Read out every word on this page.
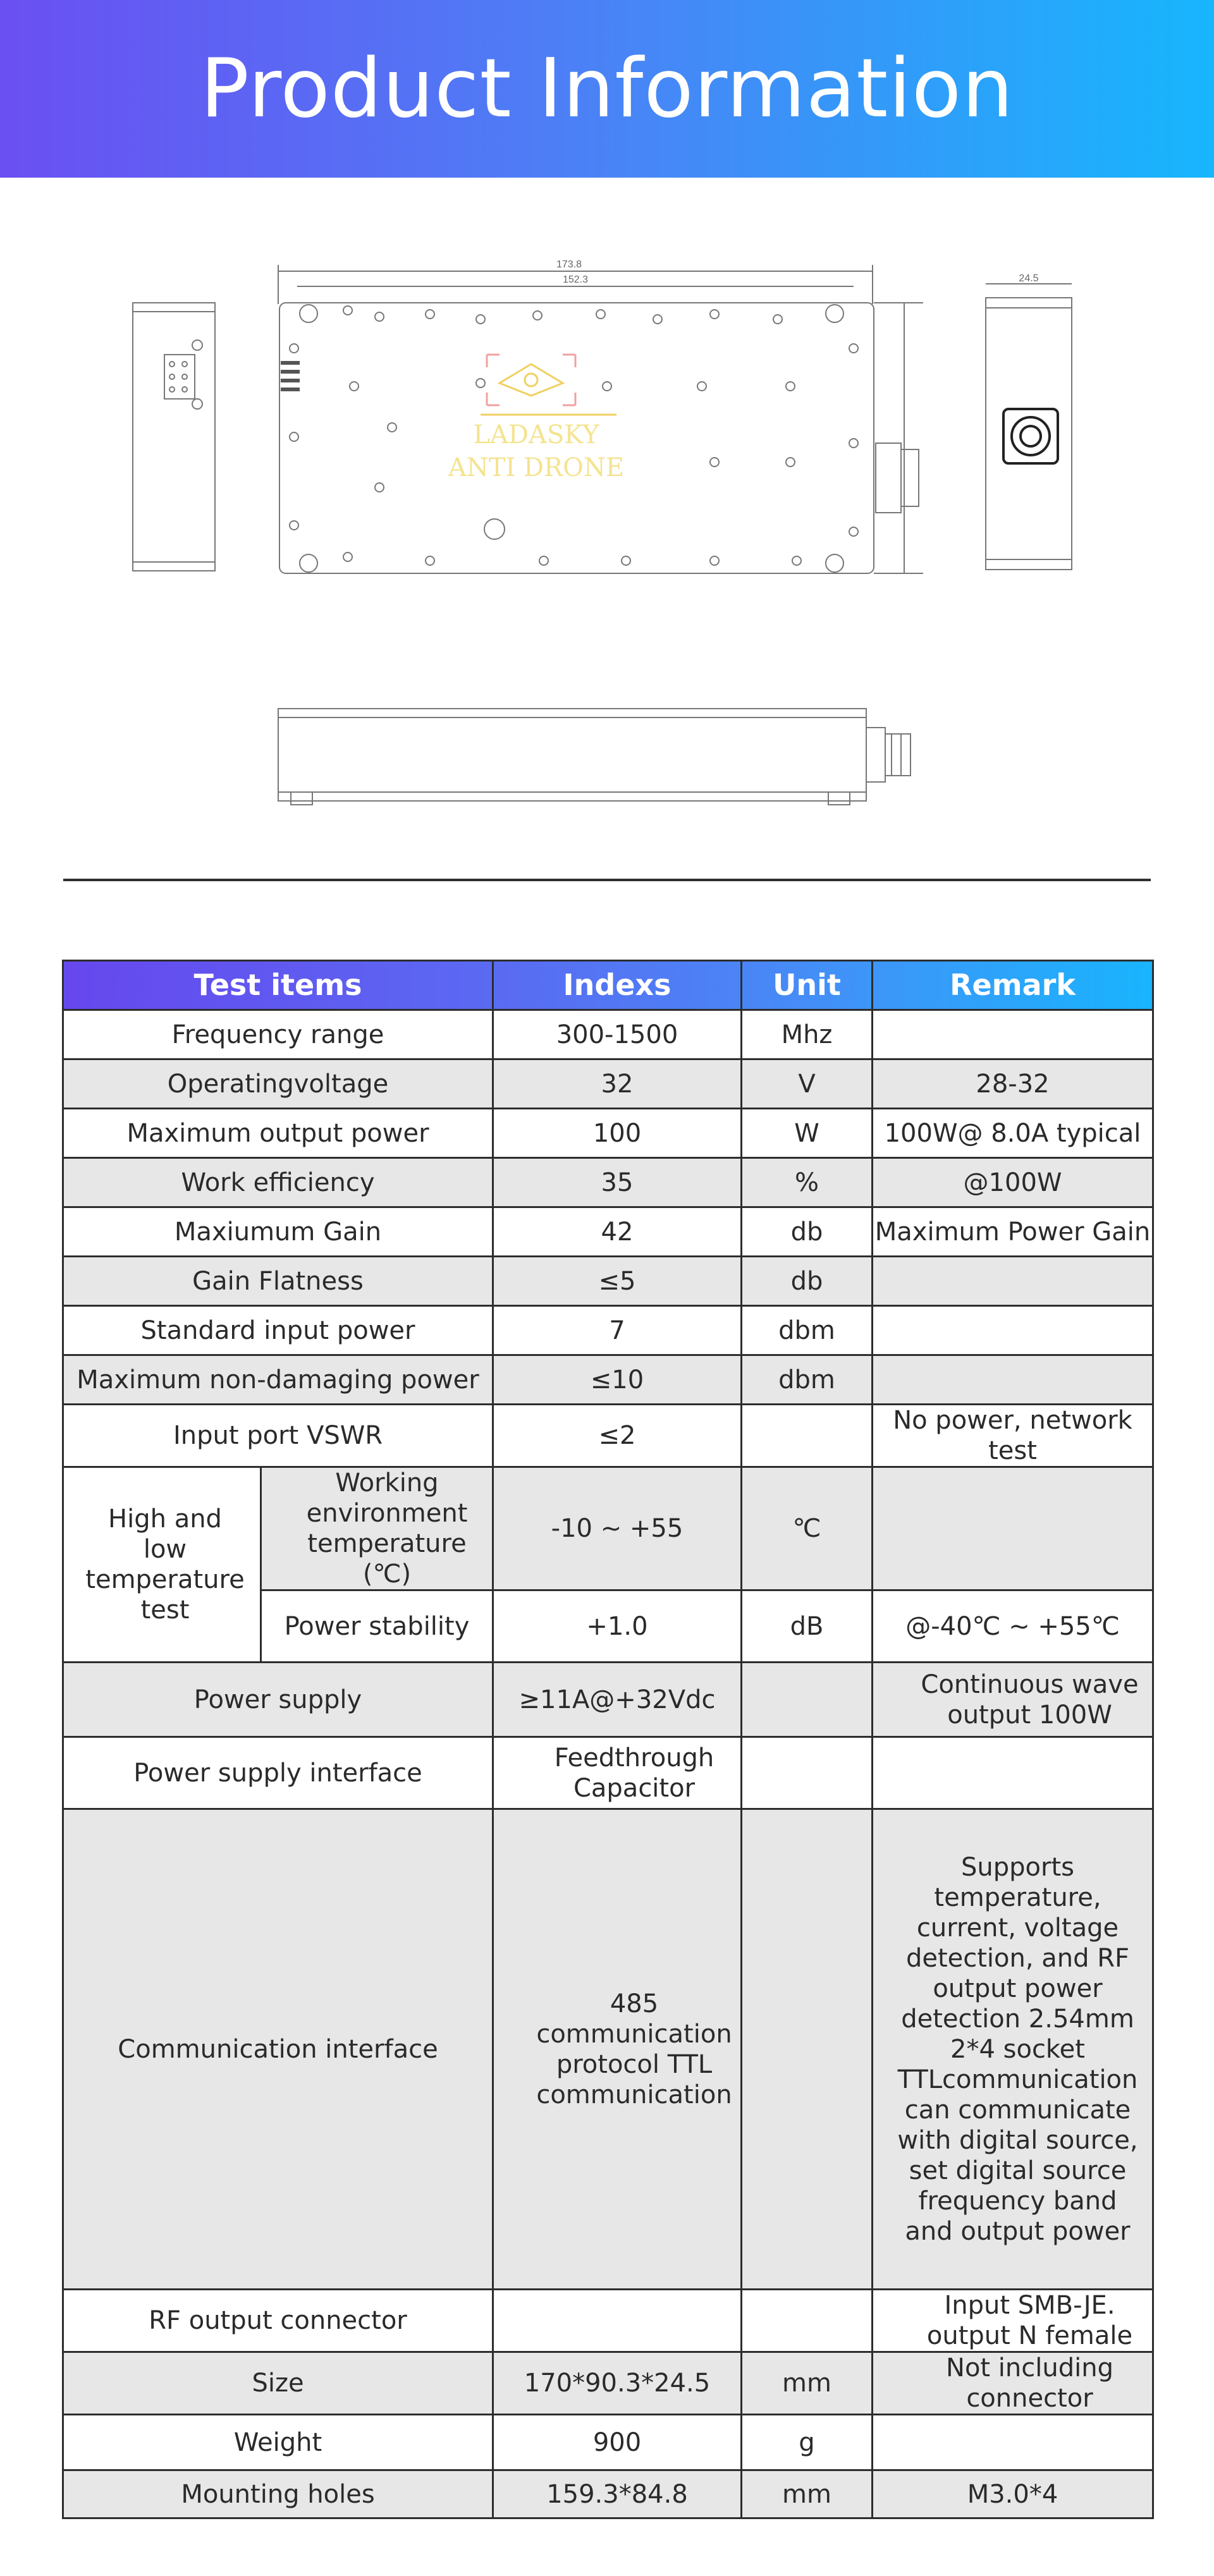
Product Information
173.8
152.3
LADASKY
ANTI DRONE
24.5
Test items		Indexs	Unit	Remark
Frequency range		300-1500	Mhz	
Operatingvoltage		32	V	28-32
Maximum output power		100	W	100W@ 8.0A typical
Work efficiency		35	%	@100W
Maxiumum Gain		42	db	Maximum Power Gain
Gain Flatness		≤5	db	
Standard input power		7	dbm	
Maximum non-damaging power		≤10	dbm	
Input port VSWR		≤2		No power, network test
High and low temperature test	Working environment temperature (℃)	-10 ~ +55	℃	
	Power stability	+1.0	dB	@-40℃ ~ +55℃
Power supply		≥11A@+32Vdc		Continuous wave output 100W
Power supply interface		Feedthrough Capacitor		
Communication interface		485 communication protocol TTL communication		Supports temperature, current, voltage detection, and RF output power detection 2.54mm 2*4 socket TTLcommunication can communicate with digital source, set digital source frequency band and output power
RF output connector				Input SMB-JE. output N female
Size		170*90.3*24.5	mm	Not including connector
Weight		900	g	
Mounting holes		159.3*84.8	mm	M3.0*4
